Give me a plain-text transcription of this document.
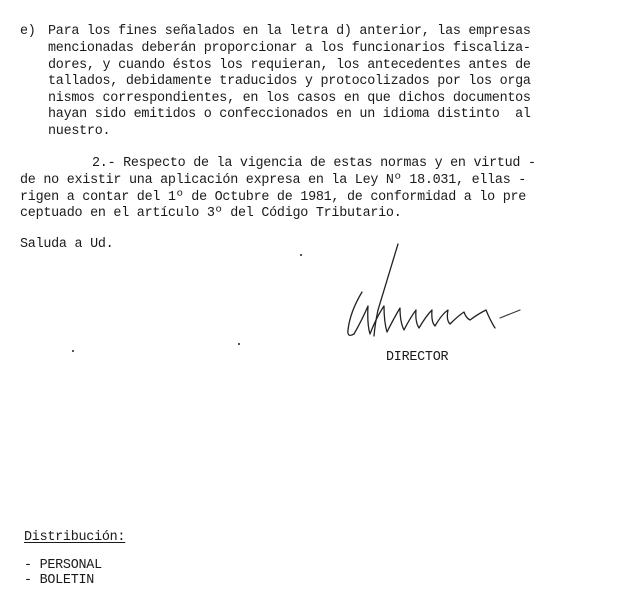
e) Para los fines señalados en la letra d) anterior, las empresas
mencionadas deberán proporcionar a los funcionarios fiscaliza-
dores, y cuando éstos los requieran, los antecedentes antes de
tallados, debidamente traducidos y protocolizados por los orga
nismos correspondientes, en los casos en que dichos documentos
hayan sido emitidos o confeccionados en un idioma distinto  al
nuestro.
2.- Respecto de la vigencia de estas normas y en virtud -
de no existir una aplicación expresa en la Ley Nº 18.031, ellas -
rigen a contar del 1º de Octubre de 1981, de conformidad a lo pre
ceptuado en el artículo 3º del Código Tributario.
Saluda a Ud.
DIRECTOR
Distribución:
- PERSONAL
- BOLETIN
